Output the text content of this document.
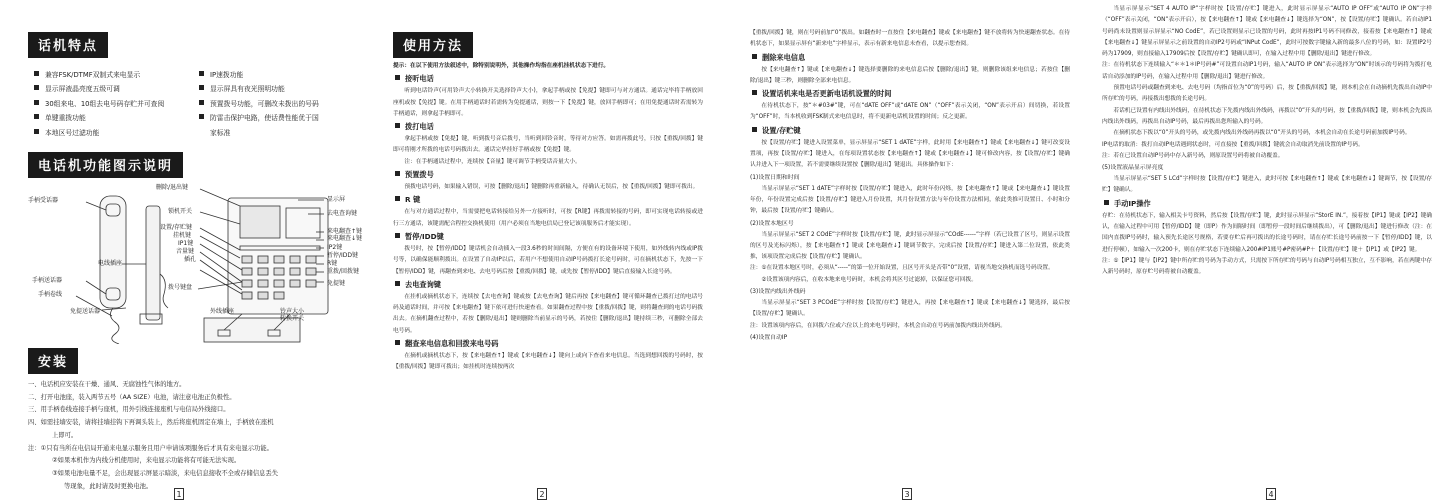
话机特点
兼容FSK/DTMF双制式来电显示	IP速拨功能
显示屏液晶亮度五级可调	显示屏具有夜光照明功能
30组来电、10组去电号码存贮并可查阅	预置拨号功能，可删改未拨出的号码
单键重拨功能	防雷击保护电路，使话费性能优于国
本地区号过滤功能	家标准
电话机功能图示说明
手柄受话器
手柄送话器
手柄卷线
电线插座
免提送话器
删除/退出键
锁机开关
设置/存贮键
挂机键
IP1键
音量键
插孔
拨号键盘
显示屏
去电查询键
来电翻查↑键
来电翻查↓键
IP2键
暂停/IDD键
R键
重拨/回拨键
免提键
外线插座	铃声大小
转换开关
安装
一、电话机应安装在干燥、通风、无腐蚀性气体的地方。
二、打开电池座，装入两节五号（AA SIZE）电池，请注意电池正负极性。
三、用手柄卷线连接手柄与座机，用外引线连接座机与电信局外线接口。
四、如需挂墙安装，请将挂墙挂钩下再调头装上，然后将座机固定在墙上，手柄放在座机
上即可。
注：①只有当所在电信局开通来电显示服务且用户申请该项服务后才具有来电显示功能。
②如果本机作为内线分机使用时，来电显示功能将有可能无法实现。
③如果电池电量不足，会出现显示屏显示暗淡，来电信息接收不全或存储信息丢失
等现象，此时请及时更换电池。
1
使用方法
提示：在以下使用方法叙述中，除特别说明外，其他操作均指在座机挂机状态下进行。
接听电话
听到电话铃声(可用铃声大小转换开关选择铃声大小)，拿起手柄或按【免提】键即可与对方通话。通话完毕将手柄放回座机或按【免提】键。在用手柄通话时若需转为免提通话，则按一下【免提】键，放回手柄即可；在用免提通话时若需转为手柄通话，则拿起手柄即可。
拨打电话
拿起手柄或按【免提】键，听到拨号音后拨号，当听到回铃音时，等待对方应答。如需再拨此号，只按【重拨/回拨】键即可将刚才所拨的电话号码拨出去。通话完毕挂好手柄或按【免提】键。
注：在手柄通话过程中，连续按【音量】键可调节手柄受话音量大小。
预置拨号
预拨电话号码，如果输入错误，可按【删除/退出】键删除再重新输入，待确认无误后，按【重拨/回拨】键即可拨出。
R 键
在与对方通话过程中，当需要把电话转接给另外一方接听时，可按【R键】再拨需转接的号码，即可实现电话转接或进行三方通话，该键需配合程控交换机使用（用户必须在当地电信局已登记该项服务后才能实现）。
暂停/IDD键
拨号时，按【暂停/IDD】键话机会自动插入一段3.6秒的时间间隔，方便在有的设备环境下使用，如外线转内线或IP拨号等，以确保能顺利拨出。在设置了自动IP以后，若用户不想使用自动IP号码拨打长途号码时，可在摘机状态下，先按一下【暂停/IDD】键，再翻查到来电、去电号码后按【重拨/回拨】键，或先按【暂停/IDD】键后直接输入长途号码。
去电查询键
在挂机或摘机状态下，连续按【去电查询】键或按【去电查询】键后再按【来电翻查】键可循环翻查已拨打过的电话号码及通话时间，并可按【来电翻查】键下依可进行快速查看。如果翻查过程中按【重拨/回拨】键，则将翻查到的电话号码拨出去。在摘机翻查过程中，若按【删除/退出】键则删除当前显示的号码，若按住【删除/退出】键持续三秒，可删除全部去电号码。
翻查来电信息和回拨来电号码
在摘机或摘机状态下，按【来电翻查↑】键或【来电翻查↓】键向上或向下查看来电信息。当选到想回拨的号码时，按【重拨/回拨】键即可拨出；如挂机时连续按两次
2
【重拨/回拨】键，则在号码前加“0”拨出。如翻查时一直按住【来电翻查】键或【来电翻查】键不放将转为快速翻查状态。在待机状态下，如果显示屏有“新来电”字样显示，表示有新来电信息未查看，以提示您查阅。
删除来电信息
按【来电翻查↑】键或【来电翻查↓】键选择要删除的来电信息后按【删除/退出】键，则删除该组来电信息；若按住【删除/退出】键三秒，则删除全部来电信息。
设置话机来电是否更新电话机设置的时间
在待机状态下，按“＊#03#”键，可在“dATE OFF”或“dATE ON”（“OFF”表示关闭，“ON”表示开启）间切换，若设置为“OFF”时，当本机收到FSK制式来电信息时，将不更新电话机设置的时间；反之更新。
设置/存贮键
按【设置/存贮】键进入设置菜单，显示屏显示“SET 1 dATE”字样，此时用【来电翻查↑】键或【来电翻查↓】键可改变设置项，再按【设置/存贮】键进入，在每项设置状态按【来电翻查↑】键或【来电翻查↓】键可修改内容，按【设置/存贮】键确认并进入下一项设置，若不需要继续设置按【删除/退出】键退出。具体操作如下：
(1)设置日期和时间
当显示屏显示“SET 1 dATE”字样时按【设置/存贮】键进入，此时年份闪烁，按【来电翻查↑】键或【来电翻查↓】键设置年份，年份设置完成后按【设置/存贮】键进入月份设置，其月份设置方法与年份设置方法相同，依此类推可设置日、小时和分钟，最后按【设置/存贮】键确认。
(2)设置本地区号
当显示屏显示“SET 2 COdE”字样时按【设置/存贮】键，此时显示屏显示“COdE------”字样（若已设置了区号，则显示设置的区号及光标闪烁），按【来电翻查↑】键或【来电翻查↓】键调节数字，完成后按【设置/存贮】键进入第二位设置，依此类推，该项设置完成后按【设置/存贮】键确认。
注：①在设置本地区号时，必须从“-----”的第一位开始设置，且区号开头是否带“0”设置，请视当地交换机而选号码设置。
②设置该项内容后，在收本地来电号码时，本机会将其区号过滤掉，以保证您可回拨。
(3)设置内线出外线码
当显示屏显示“SET 3 PCOdE”字样时按【设置/存贮】键进入，再按【来电翻查↑】键或【来电翻查↓】键选择，最后按【设置/存贮】键确认。
注：设置该项内容后，在回拨六位或六位以上的来电号码时，本机会自动在号码前加拨内线出外线码。
(4)设置自动IP
3
当显示屏显示“SET 4 AUTO IP”字样时按【设置/存贮】键进入，此时显示屏显示“AUTO IP OFF”或“AUTO IP ON”字样（“OFF”表示关闭，“ON”表示开启），按【来电翻查↑】键或【来电翻查↓】键选择为“ON”，按【设置/存贮】键确认。若自动IP1号码尚未设置则显示屏显示“NO CodE”，若已设置则显示已设置的号码，此时再按IP1号码不同修改，接着按【来电翻查↑】键或【来电翻查↓】键显示屏显示之前设置的自动IP2号码或“INPut CodE”，此时可按数字键输入新的最多八位的号码，如：设置IP2号码为17909，则直接输入17909后按【设置/存贮】键确认即可，在输入过程中用【删除/退出】键进行修改。
注：在待机状态下连续输入“＊＊1＊IP号码#”可设置自动IP1号码，输入“AUTO IP ON”表示选择为“ON”时该示的号码将为拨打电话自动添加的IP号码，在输入过程中用【删除/退出】键进行修改。
预置电话号码或翻查到来电、去电号码（均指首位为“0”的号码）后，按【重拨/回拨】键，则本机会在自动摘机先拨出自动IP中所存贮的号码，再接拨出想拨的长途号码。
若话机已设置有内线出外线码，在待机状态下先拨内线出外线码，再拨以“0”开头的号码，按【重拨/回拨】键，则本机会先拨出内线出外线码，再拨出自动IP号码，最后再拨出您所输入的号码。
在摘机状态下拨以“0”开头的号码，或先拨内线出外线码再拨以“0”开头的号码，本机会自动在长途号码前加拨IP号码。
IP电话的取消：拨打自动IP电话遇到状态时，可直接按【重拨/回拨】键就会自动取消先前设置的IP号码。
注：若在已设置自动IP号码中存入新号码，则原设置号码将被自动覆盖。
(5)设置液晶显示屏亮度
当显示屏显示“SET 5 LCd”字样时按【设置/存贮】键进入，此时可按【来电翻查↑】键或【来电翻查↓】键调节，按【设置/存贮】键确认。
手动IP操作
存贮：在待机状态下，输入相关卡号资料，然后按【设置/存贮】键，此时显示屏显示“StorE IN.”，接着按【IP1】键或【IP2】键确认，在输入过程中可用【暂停/IDD】键（即P）作为间隔时间（即暂停一段时间后继续拨出），可【删除/退出】键进行修改（注：在国内直拨IP号码时，输入预先长途区号规格，若要存贮后再可拨出的长途号码时，请在存贮长途号码前按一下【暂停/IDD】键，以进行停顿），如输入一次200卡，则在存贮状态下连续输入200#IP1账号#P密码#P＋【设置/存贮】键＋【IP1】或【IP2】键。
注：①【IP1】键与【IP2】键中所存贮的号码为手动方式，只需按下所存贮的号码与自动IP号码相互独立，互不影响，若在两键中存入新号码时，原存贮号码将被自动覆盖。
4
